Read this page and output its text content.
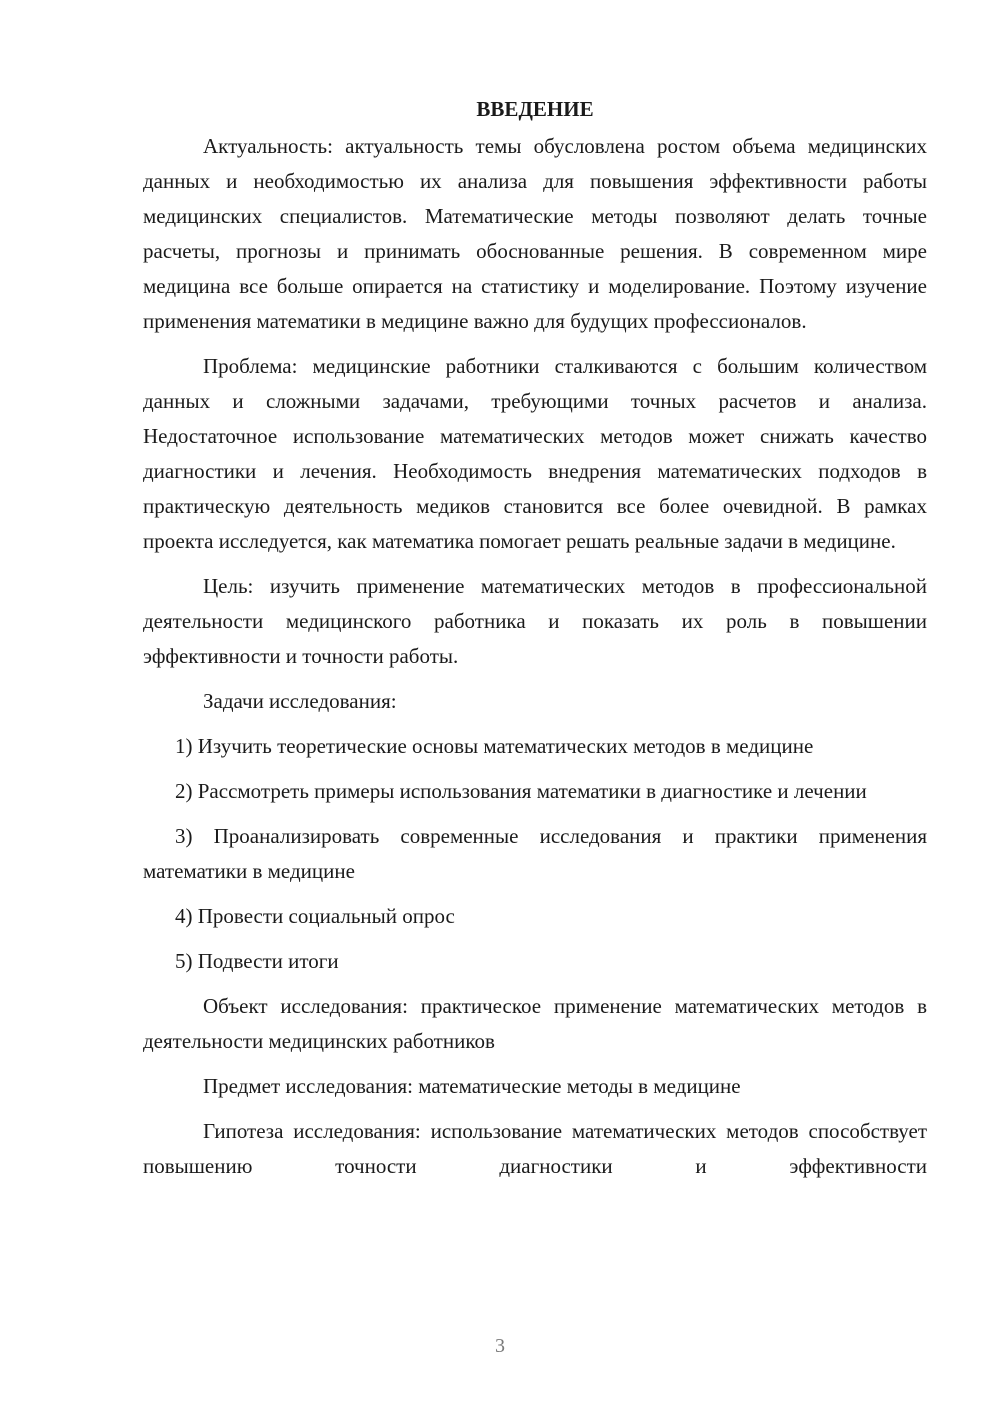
ВВЕДЕНИЕ
Актуальность: актуальность темы обусловлена ростом объема медицинских данных и необходимостью их анализа для повышения эффективности работы медицинских специалистов. Математические методы позволяют делать точные расчеты, прогнозы и принимать обоснованные решения. В современном мире медицина все больше опирается на статистику и моделирование. Поэтому изучение применения математики в медицине важно для будущих профессионалов.
Проблема: медицинские работники сталкиваются с большим количеством данных и сложными задачами, требующими точных расчетов и анализа. Недостаточное использование математических методов может снижать качество диагностики и лечения. Необходимость внедрения математических подходов в практическую деятельность медиков становится все более очевидной. В рамках проекта исследуется, как математика помогает решать реальные задачи в медицине.
Цель: изучить применение математических методов в профессиональной деятельности медицинского работника и показать их роль в повышении эффективности и точности работы.
Задачи исследования:
1) Изучить теоретические основы математических методов в медицине
2) Рассмотреть примеры использования математики в диагностике и лечении
3) Проанализировать современные исследования и практики применения математики в медицине
4) Провести социальный опрос
5) Подвести итоги
Объект исследования: практическое применение математических методов в деятельности медицинских работников
Предмет исследования: математические методы в медицине
Гипотеза исследования: использование математических методов способствует повышению точности диагностики и эффективности
3
